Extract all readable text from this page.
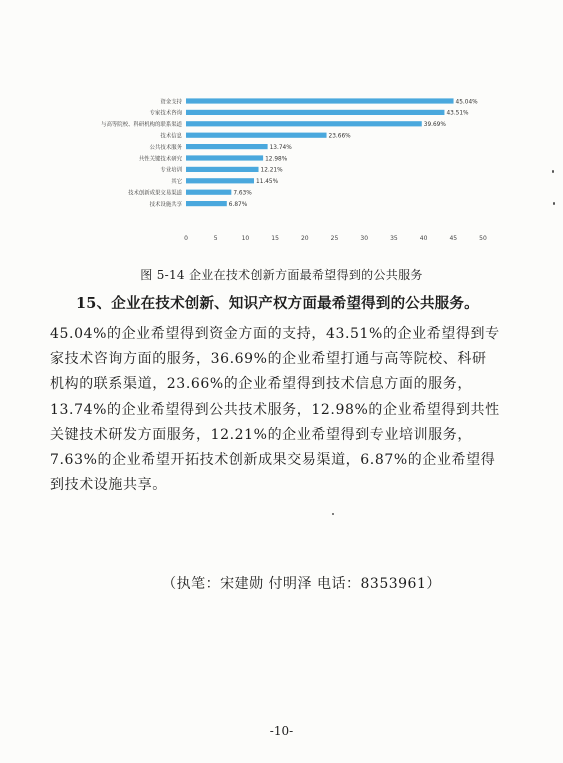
资金支持	45.04%
专家技术咨询	43.51%
与高等院校、科研机构的联系渠道	39.69%
技术信息	23.66%
公共技术服务	13.74%
共性关键技术研究	12.98%
专业培训	12.21%
其它	11.45%
技术创新成果交易渠道	7.63%
技术设施共享	6.87%
0	5	10	15	20	25	30	35	40	45	50
图 5-14 企业在技术创新方面最希望得到的公共服务
15、企业在技术创新、知识产权方面最希望得到的公共服务。
45.04%的企业希望得到资金方面的支持，43.51%的企业希望得到专
家技术咨询方面的服务，36.69%的企业希望打通与高等院校、科研
机构的联系渠道，23.66%的企业希望得到技术信息方面的服务，
13.74%的企业希望得到公共技术服务，12.98%的企业希望得到共性
关键技术研发方面服务，12.21%的企业希望得到专业培训服务，
7.63%的企业希望开拓技术创新成果交易渠道，6.87%的企业希望得
到技术设施共享。
（执笔：宋建勋 付明泽 电话：8353961）
-10-
